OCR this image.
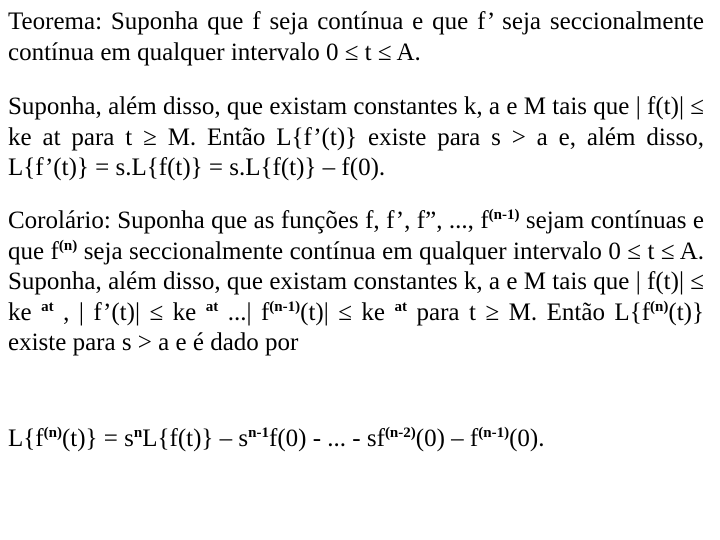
Teorema: Suponha que f seja contínua e que f’ seja seccionalmente contínua em qualquer intervalo 0 ≤ t ≤ A.

Suponha, além disso, que existam constantes k, a e M tais que | f(t)| ≤ ke at para t ≥ M. Então L{f’(t)} existe para s > a e, além disso, L{f’(t)} = s.L{f(t)} = s.L{f(t)} – f(0).

Corolário: Suponha que as funções f, f’, f”, ..., $f^{(n-1)}$ sejam contínuas e que $f^{(n)}$ seja seccionalmente contínua em qualquer intervalo 0 ≤ t ≤ A. Suponha, além disso, que existam constantes k, a e M tais que | f(t)| ≤ ke $^{at}$ , | f’(t)| ≤ ke $^{at}$ ...| $f^{(n-1)}(t)|$ ≤ ke $^{at}$ para t ≥ M. Então $L\{f^{(n)}(t)\}$ existe para s > a e é dado por

$L\{f^{(n)}(t)\} = s^nL\{f(t)\} - s^{n-1}f(0)$ - ... - $sf^{(n-2)}(0) - f^{(n-1)}(0)$.
